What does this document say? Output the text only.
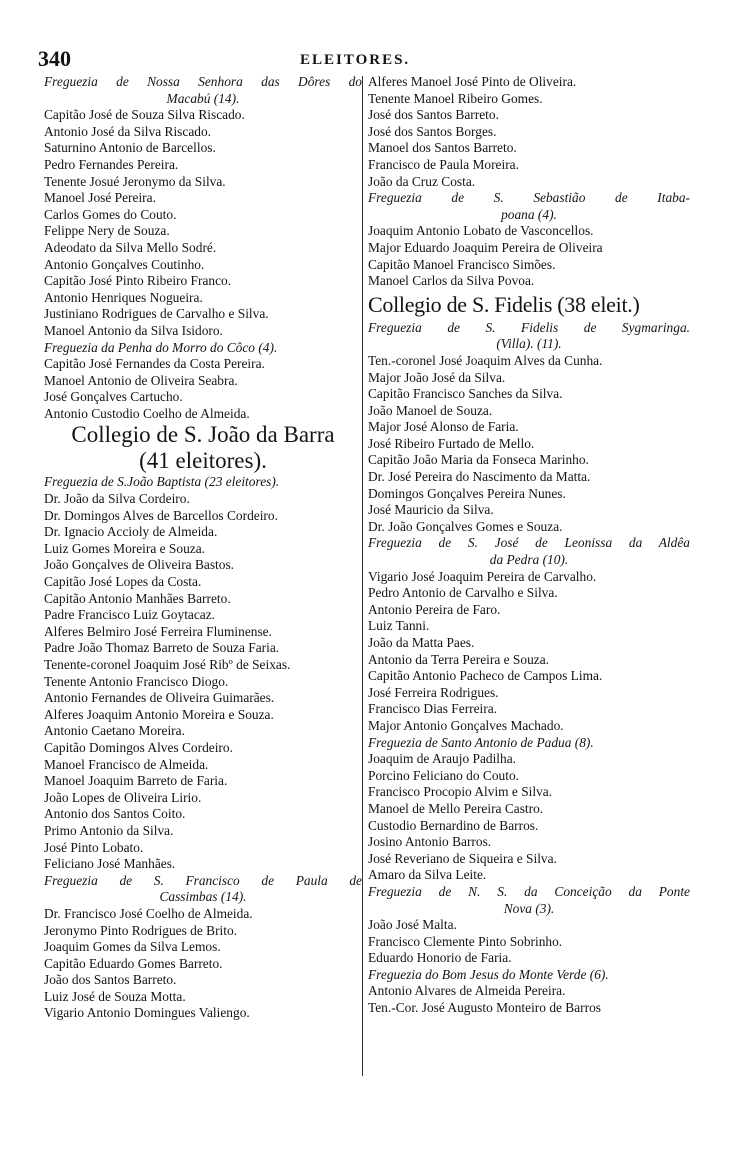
340	ELEITORES.
Freguezia de Nossa Senhora das Dôres do
Macabú (14).
Capitão José de Souza Silva Riscado.
Antonio José da Silva Riscado.
Saturnino Antonio de Barcellos.
Pedro Fernandes Pereira.
Tenente Josué Jeronymo da Silva.
Manoel José Pereira.
Carlos Gomes do Couto.
Felippe Nery de Souza.
Adeodato da Silva Mello Sodré.
Antonio Gonçalves Coutinho.
Capitão José Pinto Ribeiro Franco.
Antonio Henriques Nogueira.
Justiniano Rodrigues de Carvalho e Silva.
Manoel Antonio da Silva Isidoro.
Freguezia da Penha do Morro do Côco (4).
Capitão José Fernandes da Costa Pereira.
Manoel Antonio de Oliveira Seabra.
José Gonçalves Cartucho.
Antonio Custodio Coelho de Almeida.
Collegio de S. João da Barra
(41 eleitores).
Freguezia de S.João Baptista (23 eleitores).
Dr. João da Silva Cordeiro.
Dr. Domingos Alves de Barcellos Cordeiro.
Dr. Ignacio Accioly de Almeida.
Luiz Gomes Moreira e Souza.
João Gonçalves de Oliveira Bastos.
Capitão José Lopes da Costa.
Capitão Antonio Manhães Barreto.
Padre Francisco Luiz Goytacaz.
Alferes Belmiro José Ferreira Fluminense.
Padre João Thomaz Barreto de Souza Faria.
Tenente-coronel Joaquim José Ribº de Seixas.
Tenente Antonio Francisco Diogo.
Antonio Fernandes de Oliveira Guimarães.
Alferes Joaquim Antonio Moreira e Souza.
Antonio Caetano Moreira.
Capitão Domingos Alves Cordeiro.
Manoel Francisco de Almeida.
Manoel Joaquim Barreto de Faria.
João Lopes de Oliveira Lirio.
Antonio dos Santos Coito.
Primo Antonio da Silva.
José Pinto Lobato.
Feliciano José Manhães.
Freguezia de S. Francisco de Paula de
Cassimbas (14).
Dr. Francisco José Coelho de Almeida.
Jeronymo Pinto Rodrigues de Brito.
Joaquim Gomes da Silva Lemos.
Capitão Eduardo Gomes Barreto.
João dos Santos Barreto.
Luiz José de Souza Motta.
Vigario Antonio Domingues Valiengo.
Alferes Manoel José Pinto de Oliveira.
Tenente Manoel Ribeiro Gomes.
José dos Santos Barreto.
José dos Santos Borges.
Manoel dos Santos Barreto.
Francisco de Paula Moreira.
João da Cruz Costa.
Freguezia de S. Sebastião de Itaba-
poana (4).
Joaquim Antonio Lobato de Vasconcellos.
Major Eduardo Joaquim Pereira de Oliveira
Capitão Manoel Francisco Simões.
Manoel Carlos da Silva Povoa.
Collegio de S. Fidelis (38 eleit.)
Freguezia de S. Fidelis de Sygmaringa.
(Villa). (11).
Ten.-coronel José Joaquim Alves da Cunha.
Major João José da Silva.
Capitão Francisco Sanches da Silva.
João Manoel de Souza.
Major José Alonso de Faria.
José Ribeiro Furtado de Mello.
Capitão João Maria da Fonseca Marinho.
Dr. José Pereira do Nascimento da Matta.
Domingos Gonçalves Pereira Nunes.
José Mauricio da Silva.
Dr. João Gonçalves Gomes e Souza.
Freguezia de S. José de Leonissa da Aldêa
da Pedra (10).
Vigario José Joaquim Pereira de Carvalho.
Pedro Antonio de Carvalho e Silva.
Antonio Pereira de Faro.
Luiz Tanni.
João da Matta Paes.
Antonio da Terra Pereira e Souza.
Capitão Antonio Pacheco de Campos Lima.
José Ferreira Rodrigues.
Francisco Dias Ferreira.
Major Antonio Gonçalves Machado.
Freguezia de Santo Antonio de Padua (8).
Joaquim de Araujo Padilha.
Porcino Feliciano do Couto.
Francisco Procopio Alvim e Silva.
Manoel de Mello Pereira Castro.
Custodio Bernardino de Barros.
Josino Antonio Barros.
José Reveriano de Siqueira e Silva.
Amaro da Silva Leite.
Freguezia de N. S. da Conceição da Ponte
Nova (3).
João José Malta.
Francisco Clemente Pinto Sobrinho.
Eduardo Honorio de Faria.
Freguezia do Bom Jesus do Monte Verde (6).
Antonio Alvares de Almeida Pereira.
Ten.-Cor. José Augusto Monteiro de Barros
